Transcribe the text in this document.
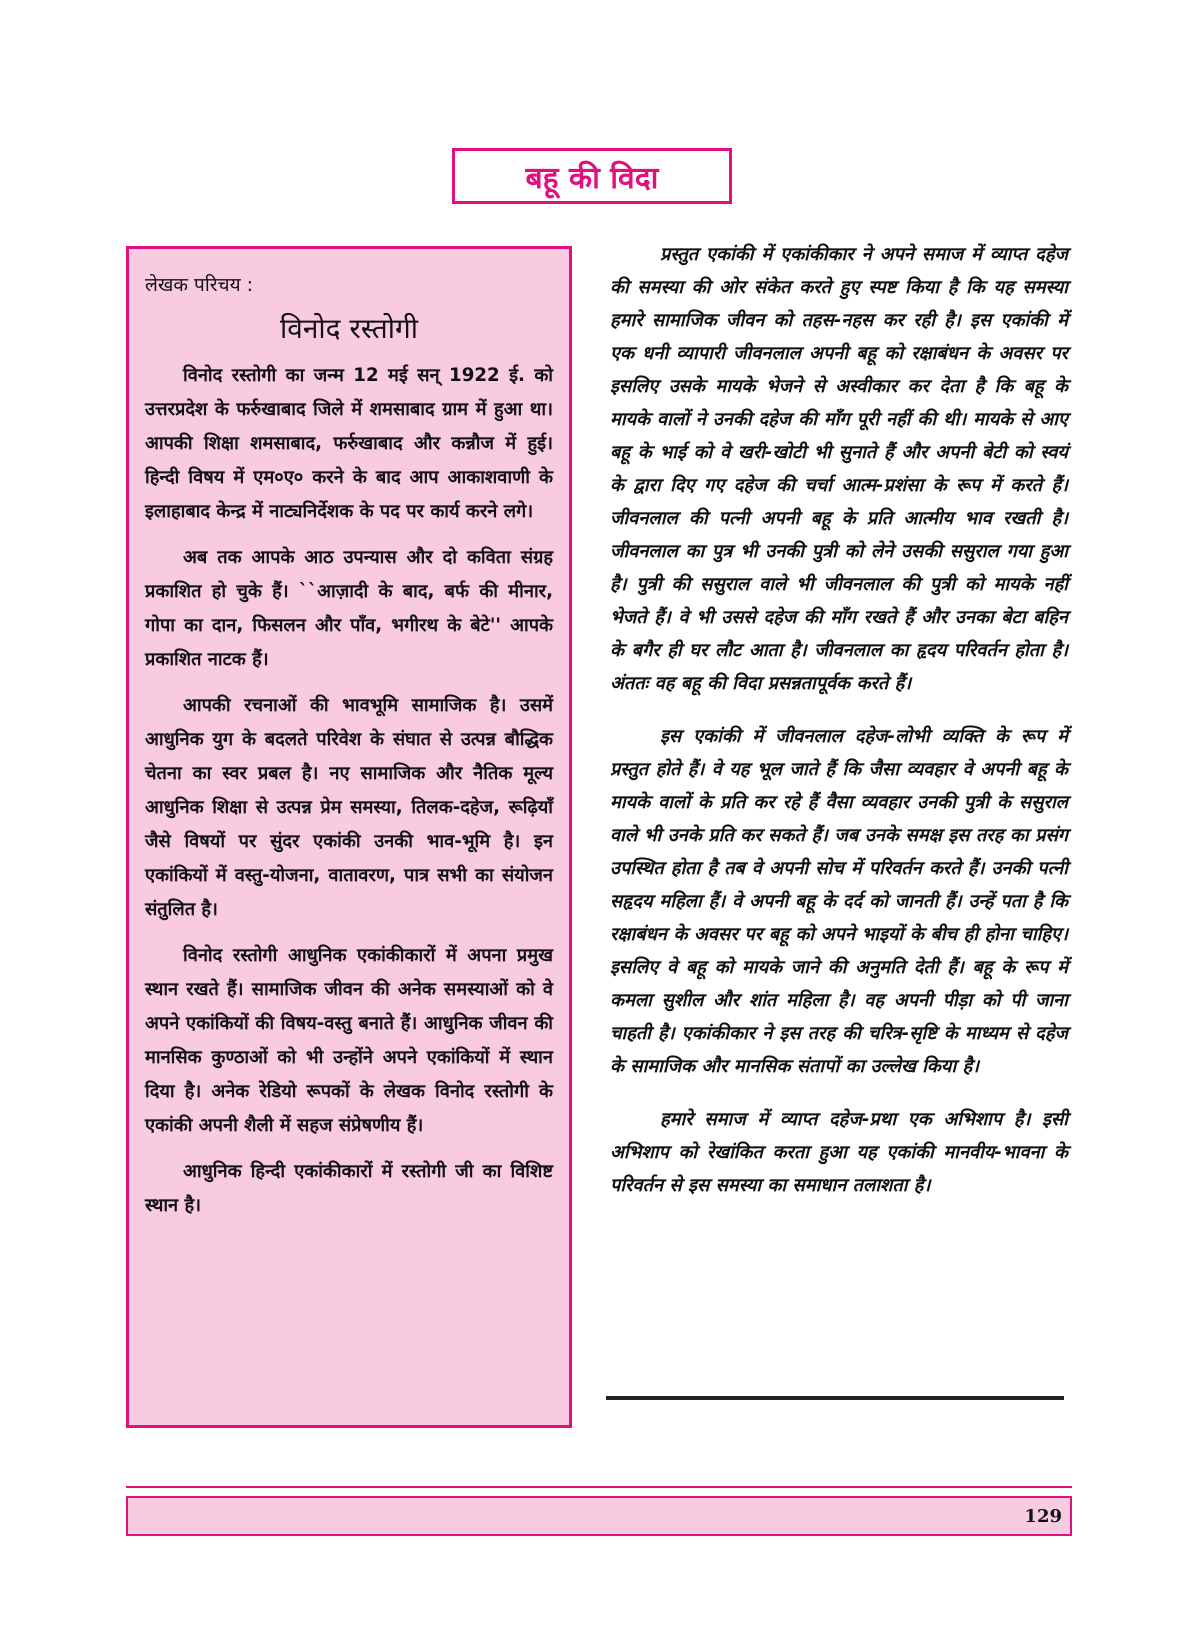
बहू की विदा

लेखक परिचय :

विनोद रस्तोगी

विनोद रस्तोगी का जन्म 12 मई सन् 1922 ई. को उत्तरप्रदेश के फर्रुखाबाद जिले में शमसाबाद ग्राम में हुआ था। आपकी शिक्षा शमसाबाद, फर्रुखाबाद और कन्नौज में हुई। हिन्दी विषय में एम०ए० करने के बाद आप आकाशवाणी के इलाहाबाद केन्द्र में नाट्यनिर्देशक के पद पर कार्य करने लगे।

अब तक आपके आठ उपन्यास और दो कविता संग्रह प्रकाशित हो चुके हैं। ``आज़ादी के बाद, बर्फ की मीनार, गोपा का दान, फिसलन और पाँव, भगीरथ के बेटे'' आपके प्रकाशित नाटक हैं।

आपकी रचनाओं की भावभूमि सामाजिक है। उसमें आधुनिक युग के बदलते परिवेश के संघात से उत्पन्न बौद्धिक चेतना का स्वर प्रबल है। नए सामाजिक और नैतिक मूल्य आधुनिक शिक्षा से उत्पन्न प्रेम समस्या, तिलक-दहेज, रूढ़ियाँ जैसे विषयों पर सुंदर एकांकी उनकी भाव-भूमि है। इन एकांकियों में वस्तु-योजना, वातावरण, पात्र सभी का संयोजन संतुलित है।

विनोद रस्तोगी आधुनिक एकांकीकारों में अपना प्रमुख स्थान रखते हैं। सामाजिक जीवन की अनेक समस्याओं को वे अपने एकांकियों की विषय-वस्तु बनाते हैं। आधुनिक जीवन की मानसिक कुण्ठाओं को भी उन्होंने अपने एकांकियों में स्थान दिया है। अनेक रेडियो रूपकों के लेखक विनोद रस्तोगी के एकांकी अपनी शैली में सहज संप्रेषणीय हैं।

आधुनिक हिन्दी एकांकीकारों में रस्तोगी जी का विशिष्ट स्थान है।

प्रस्तुत एकांकी में एकांकीकार ने अपने समाज में व्याप्त दहेज की समस्या की ओर संकेत करते हुए स्पष्ट किया है कि यह समस्या हमारे सामाजिक जीवन को तहस-नहस कर रही है। इस एकांकी में एक धनी व्यापारी जीवनलाल अपनी बहू को रक्षाबंधन के अवसर पर इसलिए उसके मायके भेजने से अस्वीकार कर देता है कि बहू के मायके वालों ने उनकी दहेज की माँग पूरी नहीं की थी। मायके से आए बहू के भाई को वे खरी-खोटी भी सुनाते हैं और अपनी बेटी को स्वयं के द्वारा दिए गए दहेज की चर्चा आत्म-प्रशंसा के रूप में करते हैं। जीवनलाल की पत्नी अपनी बहू के प्रति आत्मीय भाव रखती है। जीवनलाल का पुत्र भी उनकी पुत्री को लेने उसकी ससुराल गया हुआ है। पुत्री की ससुराल वाले भी जीवनलाल की पुत्री को मायके नहीं भेजते हैं। वे भी उससे दहेज की माँग रखते हैं और उनका बेटा बहिन के बगैर ही घर लौट आता है। जीवनलाल का हृदय परिवर्तन होता है। अंततः वह बहू की विदा प्रसन्नतापूर्वक करते हैं।

इस एकांकी में जीवनलाल दहेज-लोभी व्यक्ति के रूप में प्रस्तुत होते हैं। वे यह भूल जाते हैं कि जैसा व्यवहार वे अपनी बहू के मायके वालों के प्रति कर रहे हैं वैसा व्यवहार उनकी पुत्री के ससुराल वाले भी उनके प्रति कर सकते हैं। जब उनके समक्ष इस तरह का प्रसंग उपस्थित होता है तब वे अपनी सोच में परिवर्तन करते हैं। उनकी पत्नी सहृदय महिला हैं। वे अपनी बहू के दर्द को जानती हैं। उन्हें पता है कि रक्षाबंधन के अवसर पर बहू को अपने भाइयों के बीच ही होना चाहिए। इसलिए वे बहू को मायके जाने की अनुमति देती हैं। बहू के रूप में कमला सुशील और शांत महिला है। वह अपनी पीड़ा को पी जाना चाहती है। एकांकीकार ने इस तरह की चरित्र-सृष्टि के माध्यम से दहेज के सामाजिक और मानसिक संतापों का उल्लेख किया है।

हमारे समाज में व्याप्त दहेज-प्रथा एक अभिशाप है। इसी अभिशाप को रेखांकित करता हुआ यह एकांकी मानवीय-भावना के परिवर्तन से इस समस्या का समाधान तलाशता है।

129
